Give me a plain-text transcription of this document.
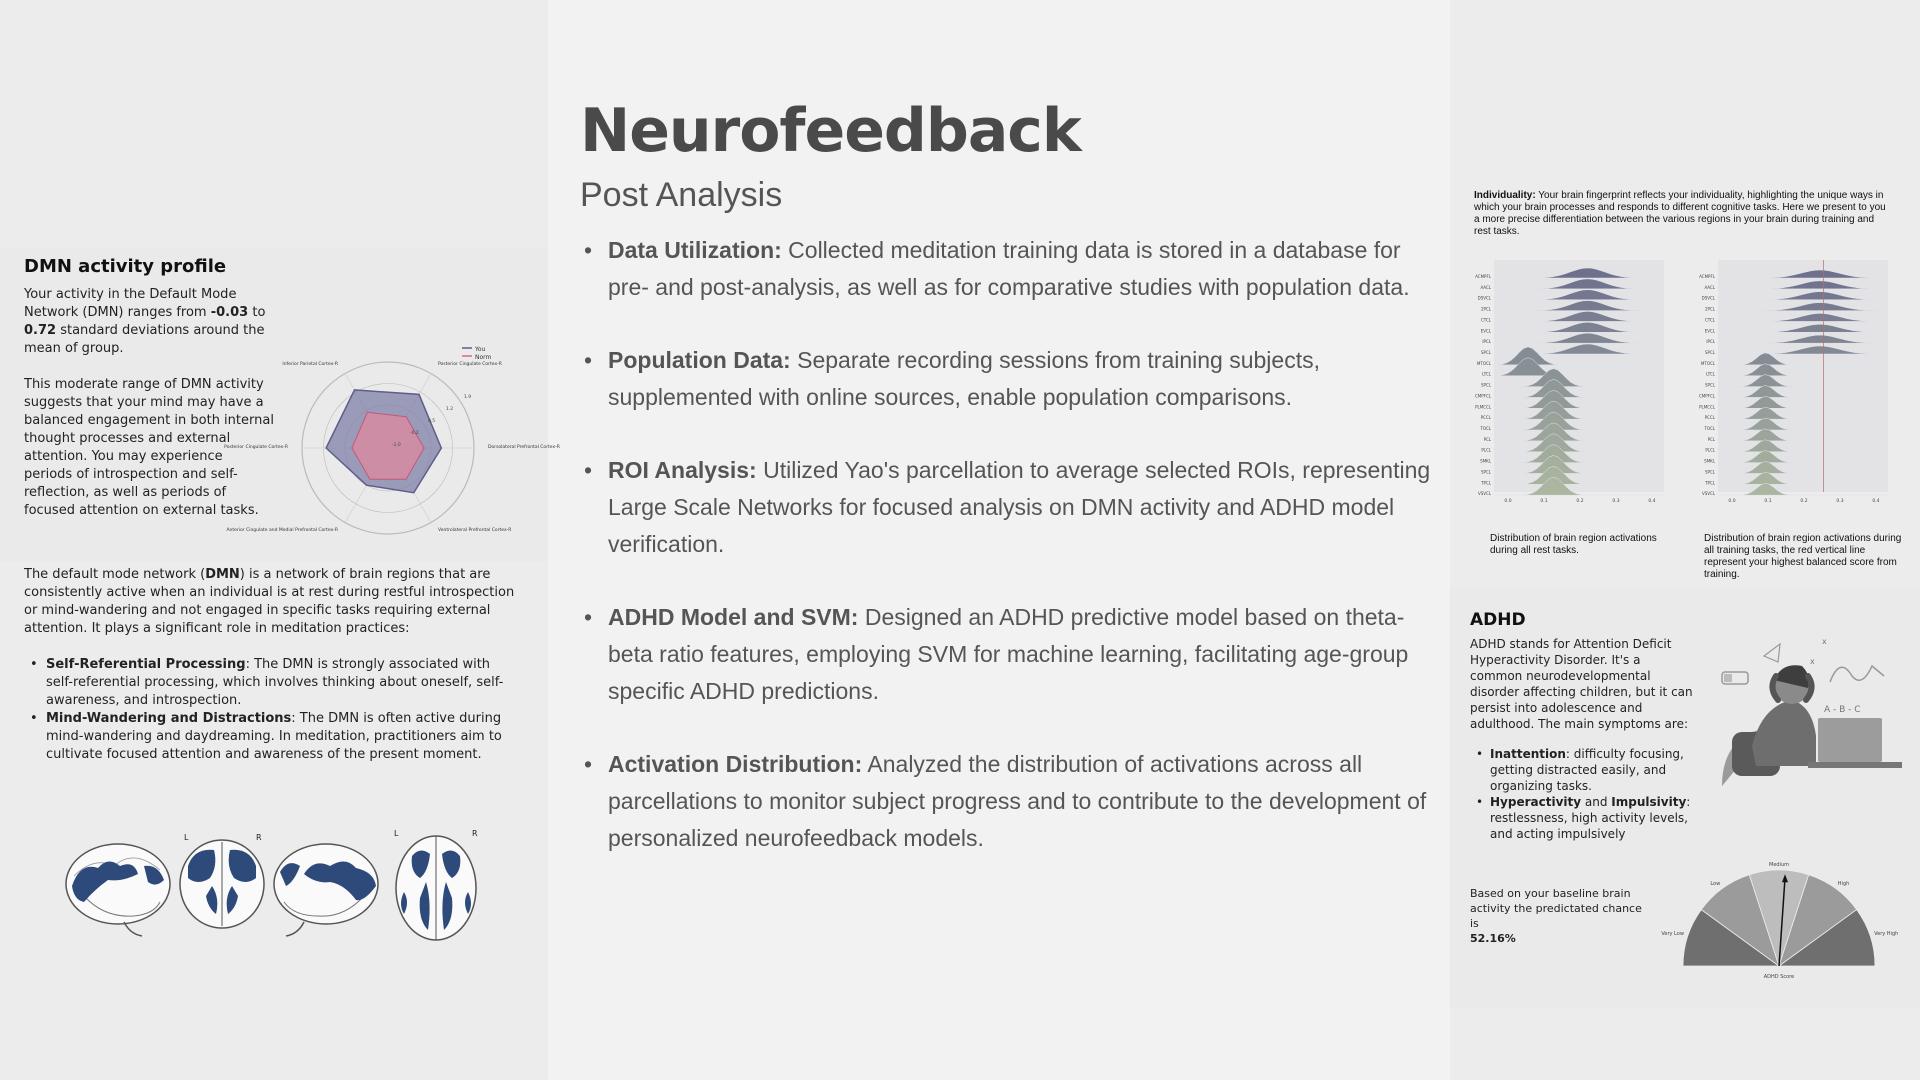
DMN activity profile

Your activity in the Default Mode Network (DMN) ranges from -0.03 to 0.72 standard deviations around the mean of group.

This moderate range of DMN activity suggests that your mind may have a balanced engagement in both internal thought processes and external attention. You may experience periods of introspection and self-reflection, as well as periods of focused attention on external tasks.

Inferior Parietal Cortex-R	Posterior Cingulate Cortex-R
Dorsolateral Prefrontal Cortex-R
Ventrolateral Prefrontal Cortex-R
Anterior Cingulate and Medial Prefrontal Cortex-R
Posterior Cingulate Cortex-R	-1.0
-0.2
0.5
1.2
1.9
You
Norm

The default mode network (DMN) is a network of brain regions that are consistently active when an individual is at rest during restful introspection or mind-wandering and not engaged in specific tasks requiring external attention. It plays a significant role in meditation practices:

• Self-Referential Processing: The DMN is strongly associated with self-referential processing, which involves thinking about oneself, self-awareness, and introspection.
• Mind-Wandering and Distractions: The DMN is often active during mind-wandering and daydreaming. In meditation, practitioners aim to cultivate focused attention and awareness of the present moment.
L	R	L	R
Neurofeedback
Post Analysis
• Data Utilization: Collected meditation training data is stored in a database for pre- and post-analysis, as well as for comparative studies with population data.
• Population Data: Separate recording sessions from training subjects, supplemented with online sources, enable population comparisons.
• ROI Analysis: Utilized Yao's parcellation to average selected ROIs, representing Large Scale Networks for focused analysis on DMN activity and ADHD model verification.
• ADHD Model and SVM: Designed an ADHD predictive model based on theta-beta ratio features, employing SVM for machine learning, facilitating age-group specific ADHD predictions.
• Activation Distribution: Analyzed the distribution of activations across all parcellations to monitor subject progress and to contribute to the development of personalized neurofeedback models.

Individuality: Your brain fingerprint reflects your individuality, highlighting the unique ways in which your brain processes and responds to different cognitive tasks. Here we present to you a more precise differentiation between the various regions in your brain during training and rest tasks.

ACMPFL
AACL
DSVCL
2PCL
CTCL
EVCL
IPCL
SPCL
MTOCL
LTCL
SPCL
CMPFCL
PLMCCL
PCCL
TOCL
PCL
PLCL
SMKL
SPCL
TPCL
VSVCL
0.0	0.1	0.2	0.3	0.4
ACMPFL
AACL
DSVCL
2PCL
CTCL
EVCL
IPCL
SPCL
MTOCL
LTCL
SPCL
CMPFCL
PLMCCL
PCCL
TOCL
PCL
PLCL
SMKL
SPCL
TPCL
VSVCL
0.0	0.1	0.2	0.3	0.4

Distribution of brain region activations during all rest tasks.

Distribution of brain region activations during all training tasks, the red vertical line represent your highest balanced score from training.

ADHD

ADHD stands for Attention Deficit Hyperactivity Disorder. It's a common neurodevelopmental disorder affecting children, but it can persist into adolescence and adulthood. The main symptoms are:

• Inattention: difficulty focusing, getting distracted easily, and organizing tasks.
• Hyperactivity and Impulsivity: restlessness, high activity levels, and acting impulsively
A - B - C
x
x

Based on your baseline brain activity the predictated chance is
52.16%	Very Low
Low
Medium
High
Very High
ADHD Score
